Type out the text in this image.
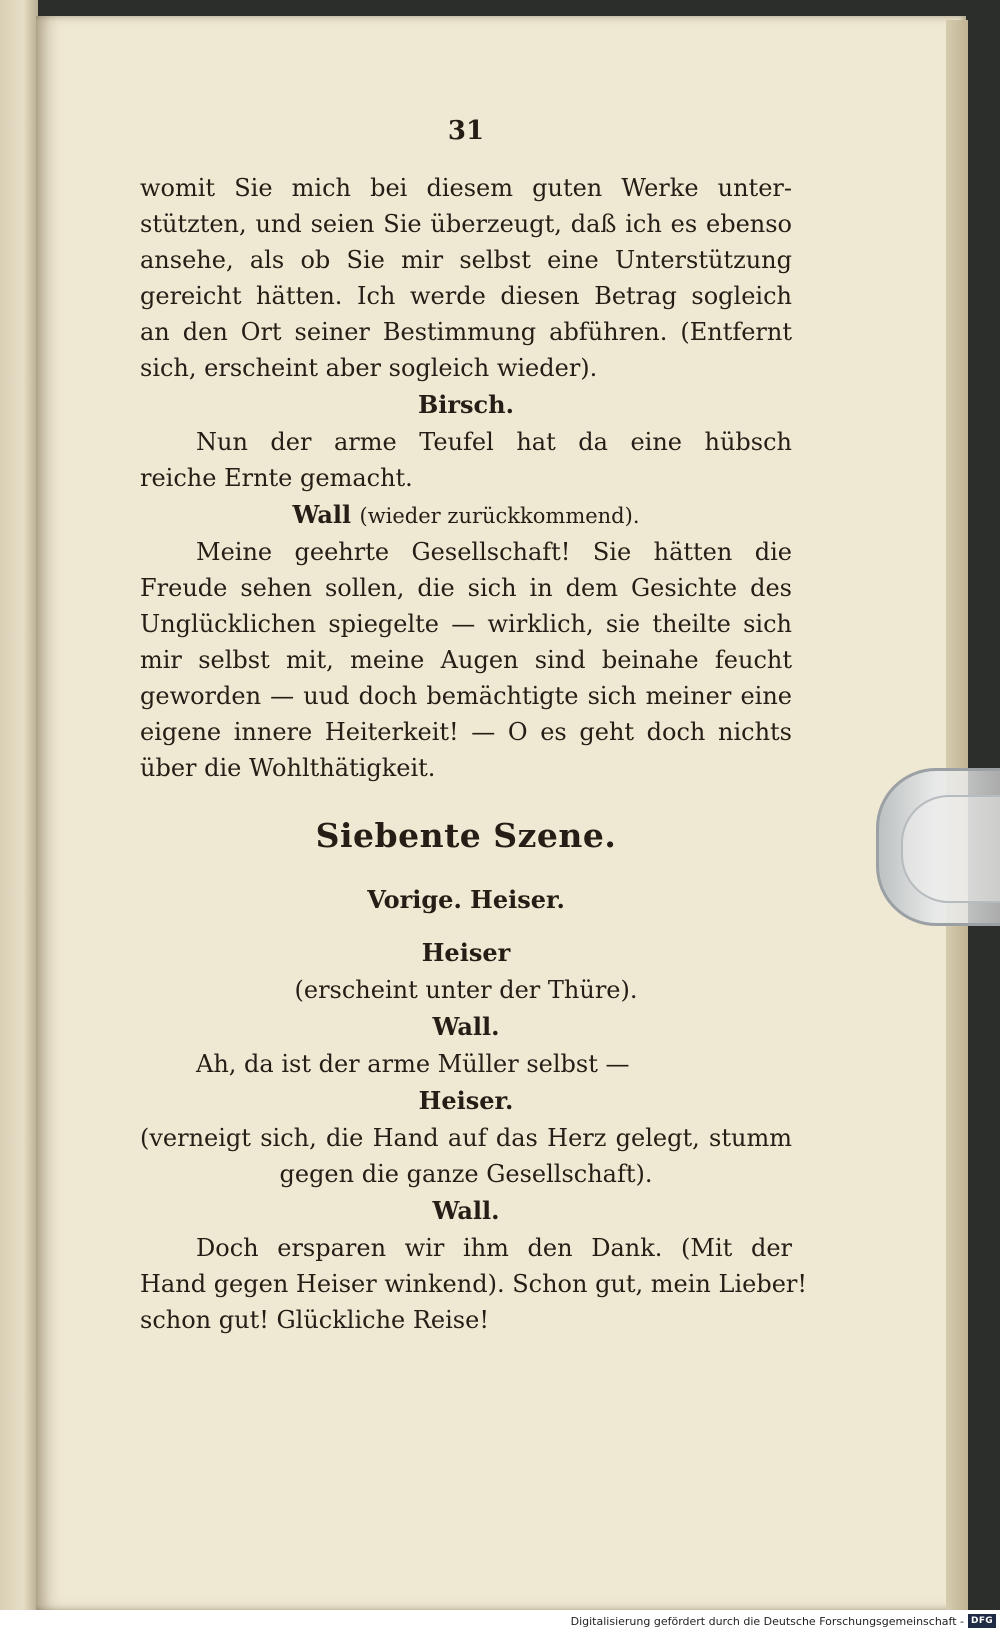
31
womit Sie mich bei diesem guten Werke unter-
stützten, und seien Sie überzeugt, daß ich es ebenso
ansehe, als ob Sie mir selbst eine Unterstützung
gereicht hätten. Ich werde diesen Betrag sogleich
an den Ort seiner Bestimmung abführen. (Entfernt
sich, erscheint aber sogleich wieder).
Birsch.
Nun der arme Teufel hat da eine hübsch
reiche Ernte gemacht.
Wall (wieder zurückkommend).
Meine geehrte Gesellschaft! Sie hätten die
Freude sehen sollen, die sich in dem Gesichte des
Unglücklichen spiegelte — wirklich, sie theilte sich
mir selbst mit, meine Augen sind beinahe feucht
geworden — uud doch bemächtigte sich meiner eine
eigene innere Heiterkeit! — O es geht doch nichts
über die Wohlthätigkeit.
Siebente Szene.
Vorige. Heiser.
Heiser
(erscheint unter der Thüre).
Wall.
Ah, da ist der arme Müller selbst —
Heiser.
(verneigt sich, die Hand auf das Herz gelegt, stumm
gegen die ganze Gesellschaft).
Wall.
Doch ersparen wir ihm den Dank. (Mit der
Hand gegen Heiser winkend). Schon gut, mein Lieber!
schon gut! Glückliche Reise!
Digitalisierung gefördert durch die Deutsche Forschungsgemeinschaft - DFG
